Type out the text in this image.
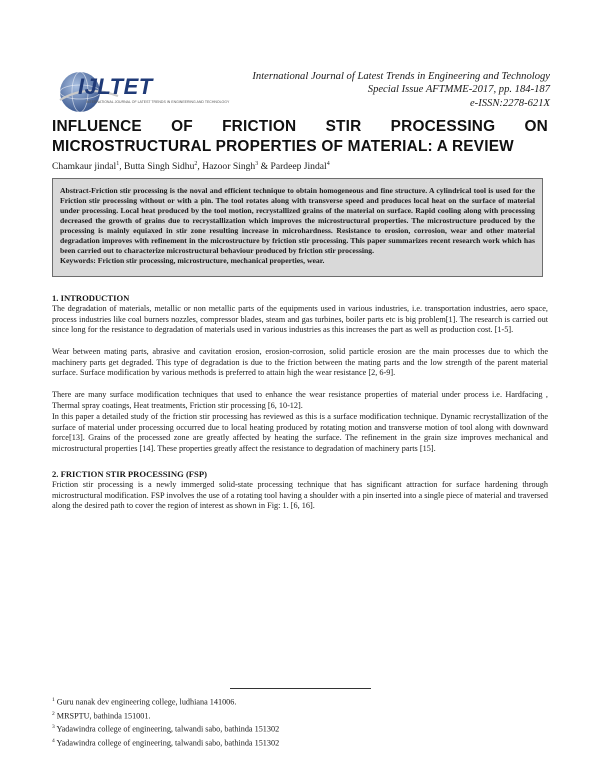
IJLTET
INTERNATIONAL JOURNAL OF LATEST TRENDS IN ENGINEERING AND TECHNOLOGY
International Journal of Latest Trends in Engineering and Technology
Special Issue AFTMME-2017, pp. 184-187
e-ISSN:2278-621X
INFLUENCE OF FRICTION STIR PROCESSING ON
MICROSTRUCTURAL PROPERTIES OF MATERIAL: A REVIEW
Chamkaur jindal$^1$, Butta Singh Sidhu$^2$, Hazoor Singh$^3$ & Pardeep Jindal$^4$
Abstract-Friction stir processing is the noval and efficient technique to obtain homogeneous and fine structure. A cylindrical tool is used for the Friction stir processing without or with a pin. The tool rotates along with transverse speed and produces local heat on the surface of material under processing. Local heat produced by the tool motion, recrystallized grains of the material on surface. Rapid cooling along with processing decreased the growth of grains due to recrystallization which improves the microstructural properties. The microstructure produced by the processing is mainly equiaxed in stir zone resulting increase in microhardness. Resistance to erosion, corrosion, wear and other material degradation improves with refinement in the microstructure by friction stir processing. This paper summarizes recent research work which has been carried out to characterize microstructural behaviour produced by friction stir processing.
Keywords: Friction stir processing, microstructure, mechanical properties, wear.
1. INTRODUCTION
The degradation of materials, metallic or non metallic parts of the equipments used in various industries, i.e. transportation industries, aero space, process industries like coal burners nozzles, compressor blades, steam and gas turbines, boiler parts etc is big problem[1]. The research is carried out since long for the resistance to degradation of materials used in various industries as this increases the part as well as production cost. [1-5].
Wear between mating parts, abrasive and cavitation erosion, erosion-corrosion, solid particle erosion are the main processes due to which the machinery parts get degraded. This type of degradation is due to the friction between the mating parts and the low strength of the parent material surface. Surface modification by various methods is preferred to attain high the wear resistance [2, 6-9].
There are many surface modification techniques that used to enhance the wear resistance properties of material under process i.e. Hardfacing , Thermal spray coatings, Heat treatments, Friction stir processing [6, 10-12].
In this paper a detailed study of the friction stir processing has reviewed as this is a surface modification technique. Dynamic recrystallization of the surface of material under processing occurred due to local heating produced by rotating motion and transverse motion of tool along with downward force[13]. Grains of the processed zone are greatly affected by heating the surface. The refinement in the grain size improves mechanical and microstructural properties [14]. These properties greatly affect the resistance to degradation of machinery parts [15].
2. FRICTION STIR PROCESSING (FSP)
Friction stir processing is a newly immerged solid-state processing technique that has significant attraction for surface hardening through microstructural modification. FSP involves the use of a rotating tool having a shoulder with a pin inserted into a single piece of material and traversed along the desired path to cover the region of interest as shown in Fig: 1. [6, 16].
$^1$ Guru nanak dev engineering college, ludhiana 141006.
$^2$ MRSPTU, bathinda 151001.
$^3$ Yadawindra college of engineering, talwandi sabo, bathinda 151302
$^4$ Yadawindra college of engineering, talwandi sabo, bathinda 151302
